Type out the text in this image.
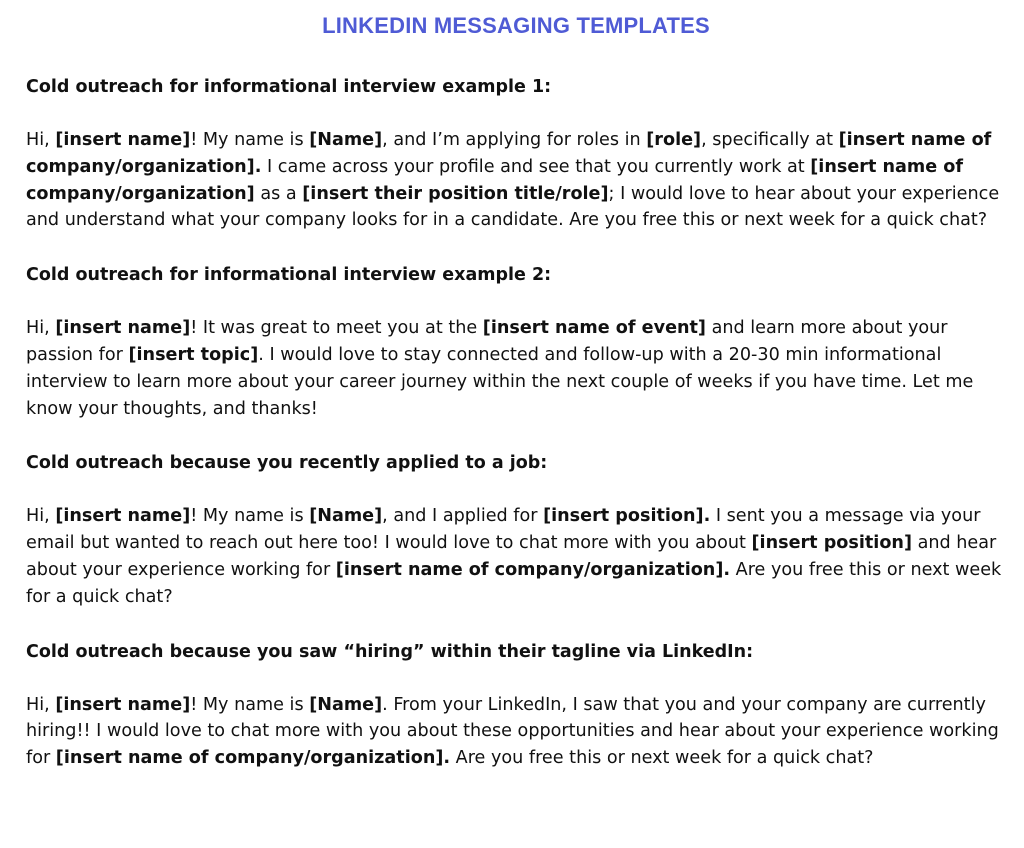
LINKEDIN MESSAGING TEMPLATES
Cold outreach for informational interview example 1:
Hi, [insert name]! My name is [Name], and I’m applying for roles in [role], specifically at [insert name of company/organization]. I came across your profile and see that you currently work at [insert name of company/organization] as a [insert their position title/role]; I would love to hear about your experience and understand what your company looks for in a candidate. Are you free this or next week for a quick chat?
Cold outreach for informational interview example 2:
Hi, [insert name]! It was great to meet you at the [insert name of event] and learn more about your passion for [insert topic]. I would love to stay connected and follow-up with a 20-30 min informational interview to learn more about your career journey within the next couple of weeks if you have time. Let me know your thoughts, and thanks!
Cold outreach because you recently applied to a job:
Hi, [insert name]! My name is [Name], and I applied for [insert position]. I sent you a message via your email but wanted to reach out here too! I would love to chat more with you about [insert position] and hear about your experience working for [insert name of company/organization]. Are you free this or next week for a quick chat?
Cold outreach because you saw “hiring” within their tagline via LinkedIn:
Hi, [insert name]! My name is [Name]. From your LinkedIn, I saw that you and your company are currently hiring!! I would love to chat more with you about these opportunities and hear about your experience working for [insert name of company/organization]. Are you free this or next week for a quick chat?
